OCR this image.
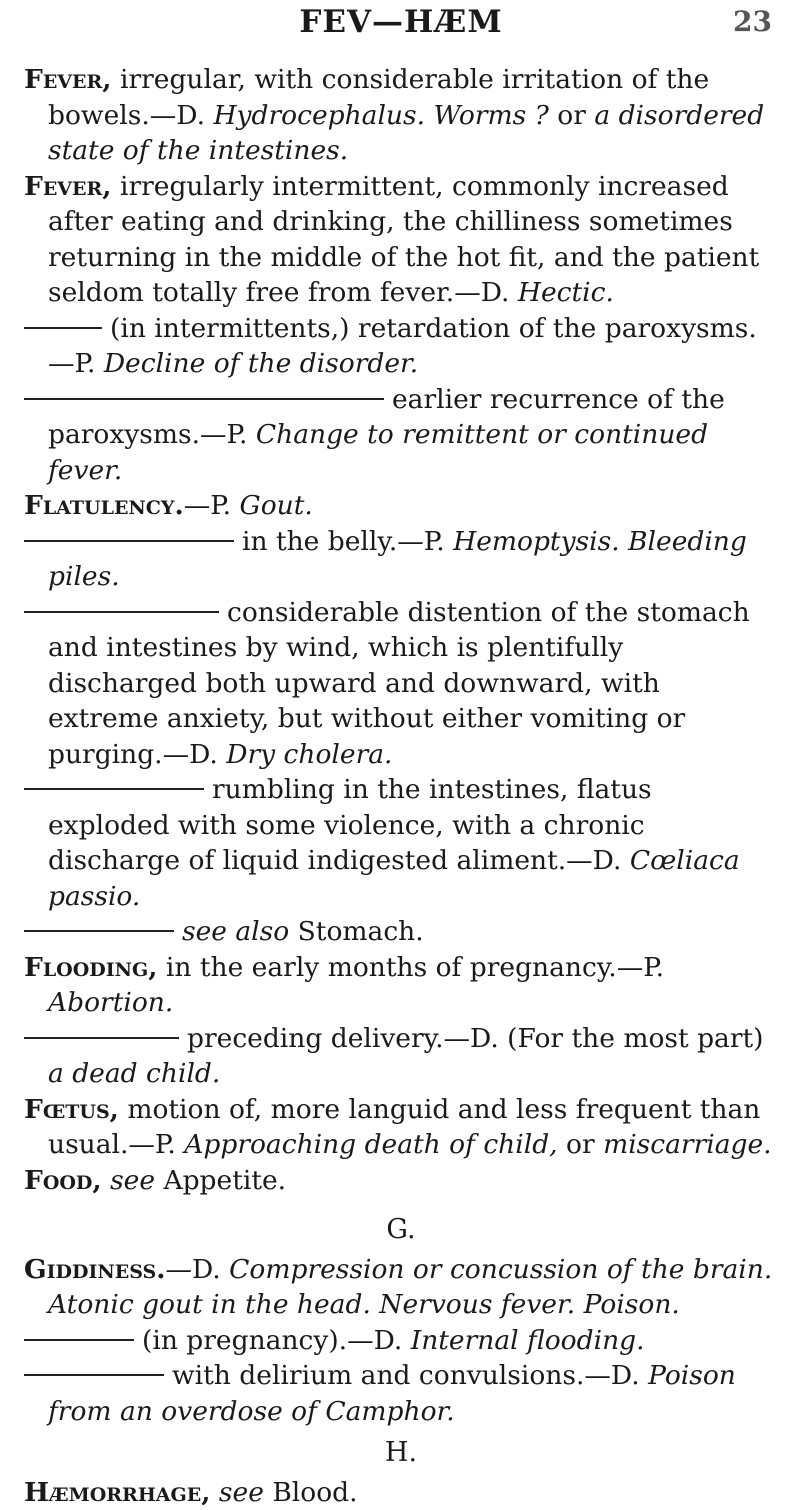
FEV—HÆM	23

Fever, irregular, with considerable irritation of the bowels.—D. Hydrocephalus. Worms ? or a disordered state of the intestines.

Fever, irregularly intermittent, commonly increased after eating and drinking, the chilliness sometimes returning in the middle of the hot fit, and the patient seldom totally free from fever.—D. Hectic.

(in intermittents,) retardation of the paroxysms.—P. Decline of the disorder.

earlier recurrence of the paroxysms.—P. Change to remittent or continued fever.

Flatulency.—P. Gout.

in the belly.—P. Hemoptysis. Bleeding piles.

considerable distention of the stomach and intestines by wind, which is plentifully discharged both upward and downward, with extreme anxiety, but without either vomiting or purging.—D. Dry cholera.

rumbling in the intestines, flatus exploded with some violence, with a chronic discharge of liquid indigested aliment.—D. Cœliaca passio.

see also Stomach.

Flooding, in the early months of pregnancy.—P. Abortion.

preceding delivery.—D. (For the most part) a dead child.

Fœtus, motion of, more languid and less frequent than usual.—P. Approaching death of child, or miscarriage.

Food, see Appetite.

G.

Giddiness.—D. Compression or concussion of the brain. Atonic gout in the head. Nervous fever. Poison.

(in pregnancy).—D. Internal flooding.

with delirium and convulsions.—D. Poison from an overdose of Camphor.

H.

Hæmorrhage, see Blood.
